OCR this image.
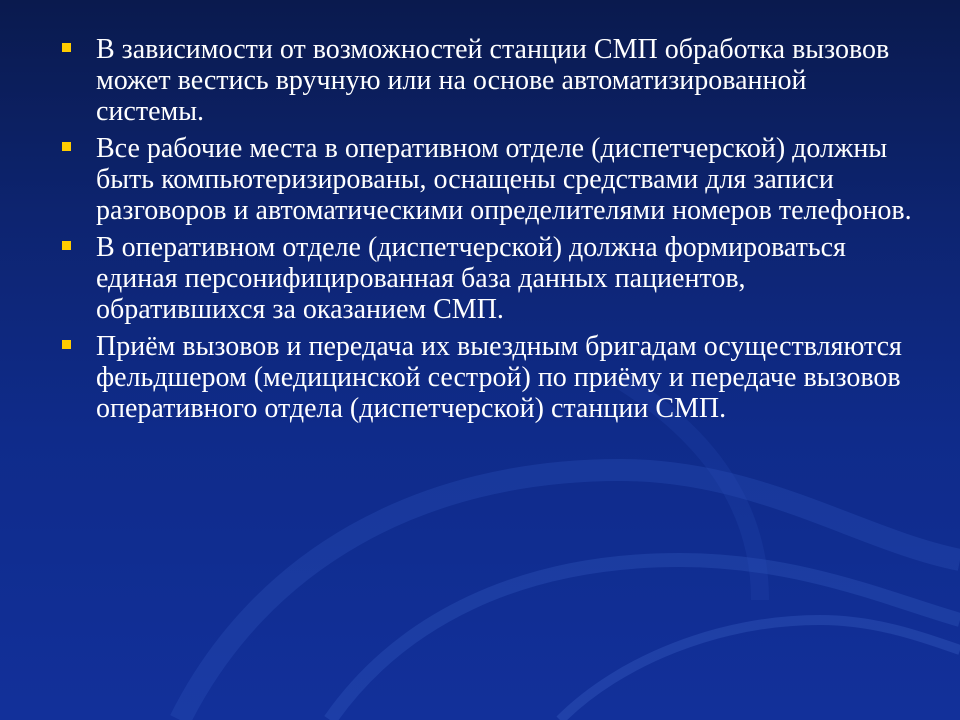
В зависимости от возможностей станции СМП обработка вызовов может вестись вручную или на основе автоматизированной системы.
Все рабочие места в оперативном отделе (диспетчерской) должны быть компьютеризированы, оснащены средствами для записи разговоров и автоматическими определителями номеров телефонов.
В оперативном отделе (диспетчерской) должна формироваться единая персонифицированная база данных пациентов, обратившихся за оказанием СМП.
Приём вызовов и передача их выездным бригадам осуществляются фельдшером (медицинской сестрой) по приёму и передаче вызовов оперативного отдела (диспетчерской) станции СМП.
